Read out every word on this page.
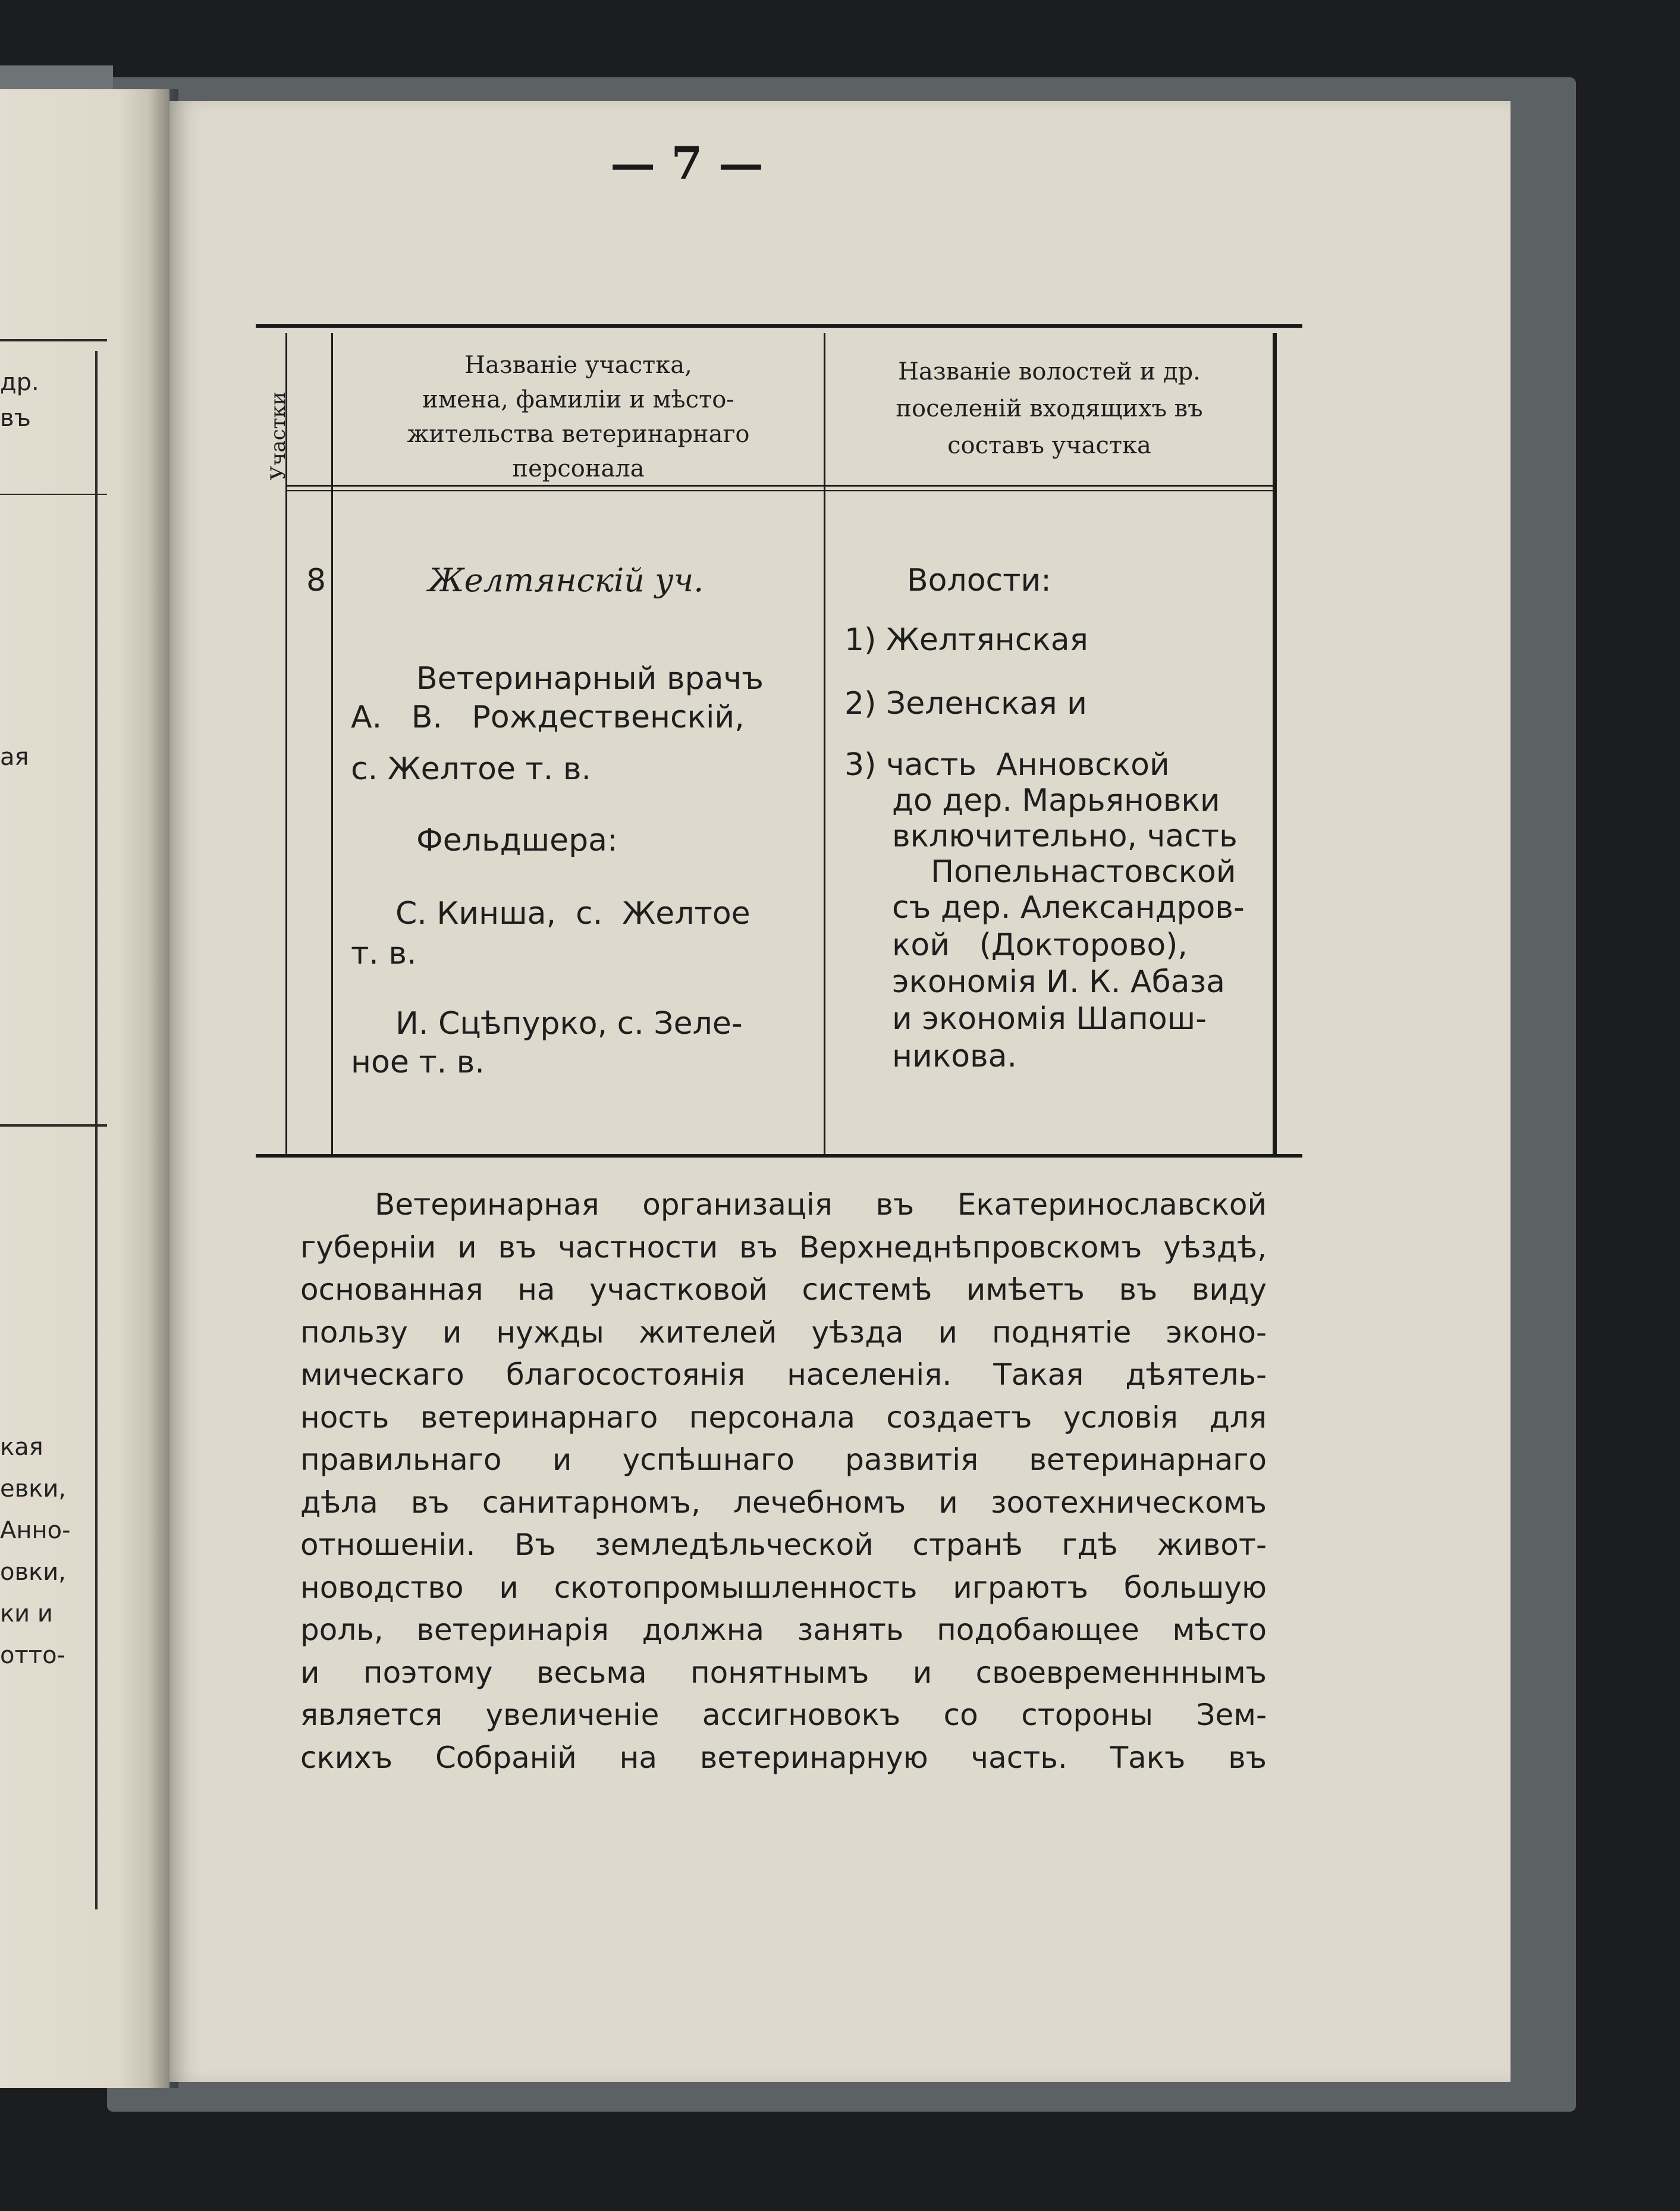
др.
въ
ая
кая
евки,
Анно-
овки,
ки и
отто-
— 7 —
Участки
Названіе участка,
имена, фамиліи и мѣсто-
жительства ветеринарнаго
персонала
Названіе волостей и др.
поселеній входящихъ въ
составъ участка
8	Желтянскій уч.
Ветеринарный врачъ
А.   В.   Рождественскій,
с. Желтое т. в.
Фельдшера:
С. Кинша,  с.  Желтое
т. в.
И. Сцѣпурко, с. Зеле-
ное т. в.
Волости:
1) Желтянская
2) Зеленская и
3) часть  Анновской
до дер. Марьяновки
включительно, часть
Попельнастовской
съ дер. Александров-
кой   (Докторово),
экономія И. К. Абаза
и экономія Шапош-
никова.
Ветеринарная организація въ Екатеринославской
губерніи и въ частности въ Верхнеднѣпровскомъ уѣздѣ,
основанная на участковой системѣ имѣетъ въ виду
пользу и нужды жителей уѣзда и поднятіе эконо-
мическаго благосостоянія населенія. Такая дѣятель-
ность ветеринарнаго персонала создаетъ условія для
правильнаго и успѣшнаго развитія ветеринарнаго
дѣла въ санитарномъ, лечебномъ и зоотехническомъ
отношеніи. Въ земледѣльческой странѣ гдѣ живот-
новодство и скотопромышленность играютъ большую
роль, ветеринарія должна занять подобающее мѣсто
и поэтому весьма понятнымъ и своевременннымъ
является увеличеніе ассигновокъ со стороны Зем-
скихъ Собраній на ветеринарную часть. Такъ въ
